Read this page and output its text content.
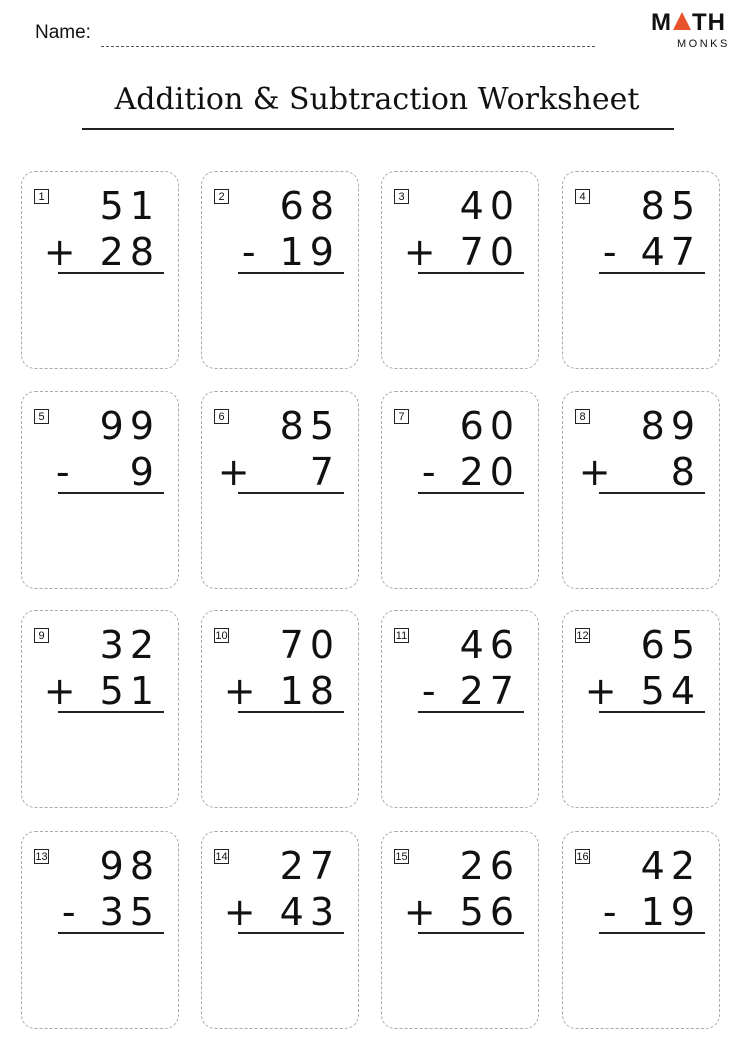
Name:	M TH
MONKS
Addition & Subtraction Worksheet
1 51
+ 28
2 68
- 19
3 40
+ 70
4 85
- 47
5 99
-   9
6 85
+   7
7 60
- 20
8 89
+   8
9 32
+ 51
10 70
+ 18
11 46
- 27
12 65
+ 54
13 98
- 35
14 27
+ 43
15 26
+ 56
16 42
- 19
